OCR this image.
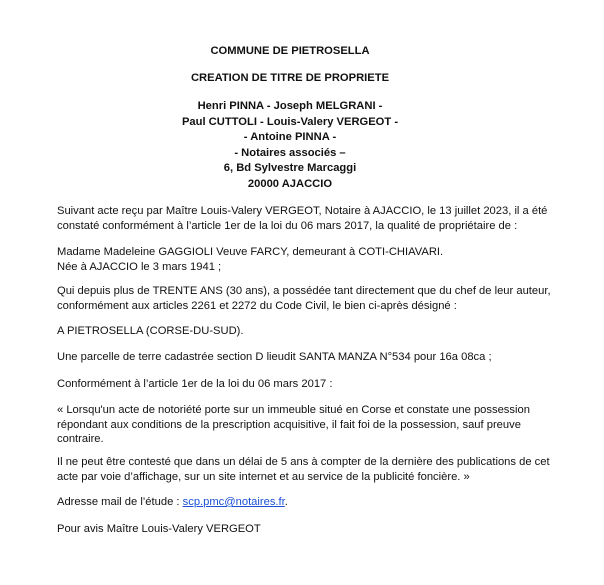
COMMUNE DE PIETROSELLA
CREATION DE TITRE DE PROPRIETE
Henri PINNA - Joseph MELGRANI -
Paul CUTTOLI - Louis-Valery VERGEOT -
- Antoine PINNA -
- Notaires associés –
6, Bd Sylvestre Marcaggi
20000 AJACCIO
Suivant acte reçu par Maître Louis-Valery VERGEOT, Notaire à AJACCIO, le 13 juillet 2023, il a été
constaté conformément à l’article 1er de la loi du 06 mars 2017, la qualité de propriétaire de :
Madame Madeleine GAGGIOLI Veuve FARCY, demeurant à COTI-CHIAVARI.
Née à AJACCIO le 3 mars 1941 ;
Qui depuis plus de TRENTE ANS (30 ans), a possédée tant directement que du chef de leur auteur,
conformément aux articles 2261 et 2272 du Code Civil, le bien ci-après désigné :
A PIETROSELLA (CORSE-DU-SUD).
Une parcelle de terre cadastrée section D lieudit SANTA MANZA N°534 pour 16a 08ca ;
Conformément à l’article 1er de la loi du 06 mars 2017 :
« Lorsqu'un acte de notoriété porte sur un immeuble situé en Corse et constate une possession
répondant aux conditions de la prescription acquisitive, il fait foi de la possession, sauf preuve
contraire.
Il ne peut être contesté que dans un délai de 5 ans à compter de la dernière des publications de cet
acte par voie d’affichage, sur un site internet et au service de la publicité foncière. »
Adresse mail de l’étude : scp.pmc@notaires.fr.
Pour avis Maître Louis-Valery VERGEOT
